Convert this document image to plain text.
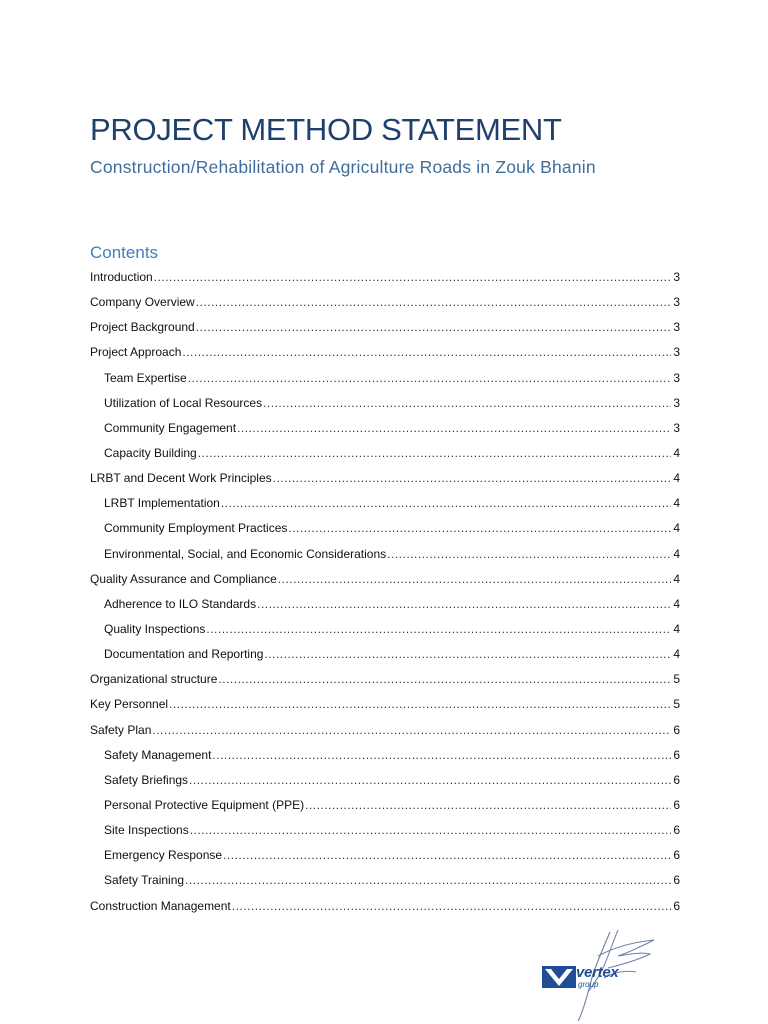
PROJECT METHOD STATEMENT
Construction/Rehabilitation of Agriculture Roads in Zouk Bhanin
Contents
Introduction .....	3
Company Overview .....	3
Project Background .....	3
Project Approach .....	3
Team Expertise .....	3
Utilization of Local Resources .....	3
Community Engagement .....	3
Capacity Building .....	4
LRBT and Decent Work Principles .....	4
LRBT Implementation .....	4
Community Employment Practices .....	4
Environmental, Social, and Economic Considerations .....	4
Quality Assurance and Compliance .....	4
Adherence to ILO Standards .....	4
Quality Inspections .....	4
Documentation and Reporting .....	4
Organizational structure .....	5
Key Personnel .....	5
Safety Plan .....	6
Safety Management .....	6
Safety Briefings .....	6
Personal Protective Equipment (PPE) .....	6
Site Inspections .....	6
Emergency Response .....	6
Safety Training .....	6
Construction Management .....	6
vertex
group
